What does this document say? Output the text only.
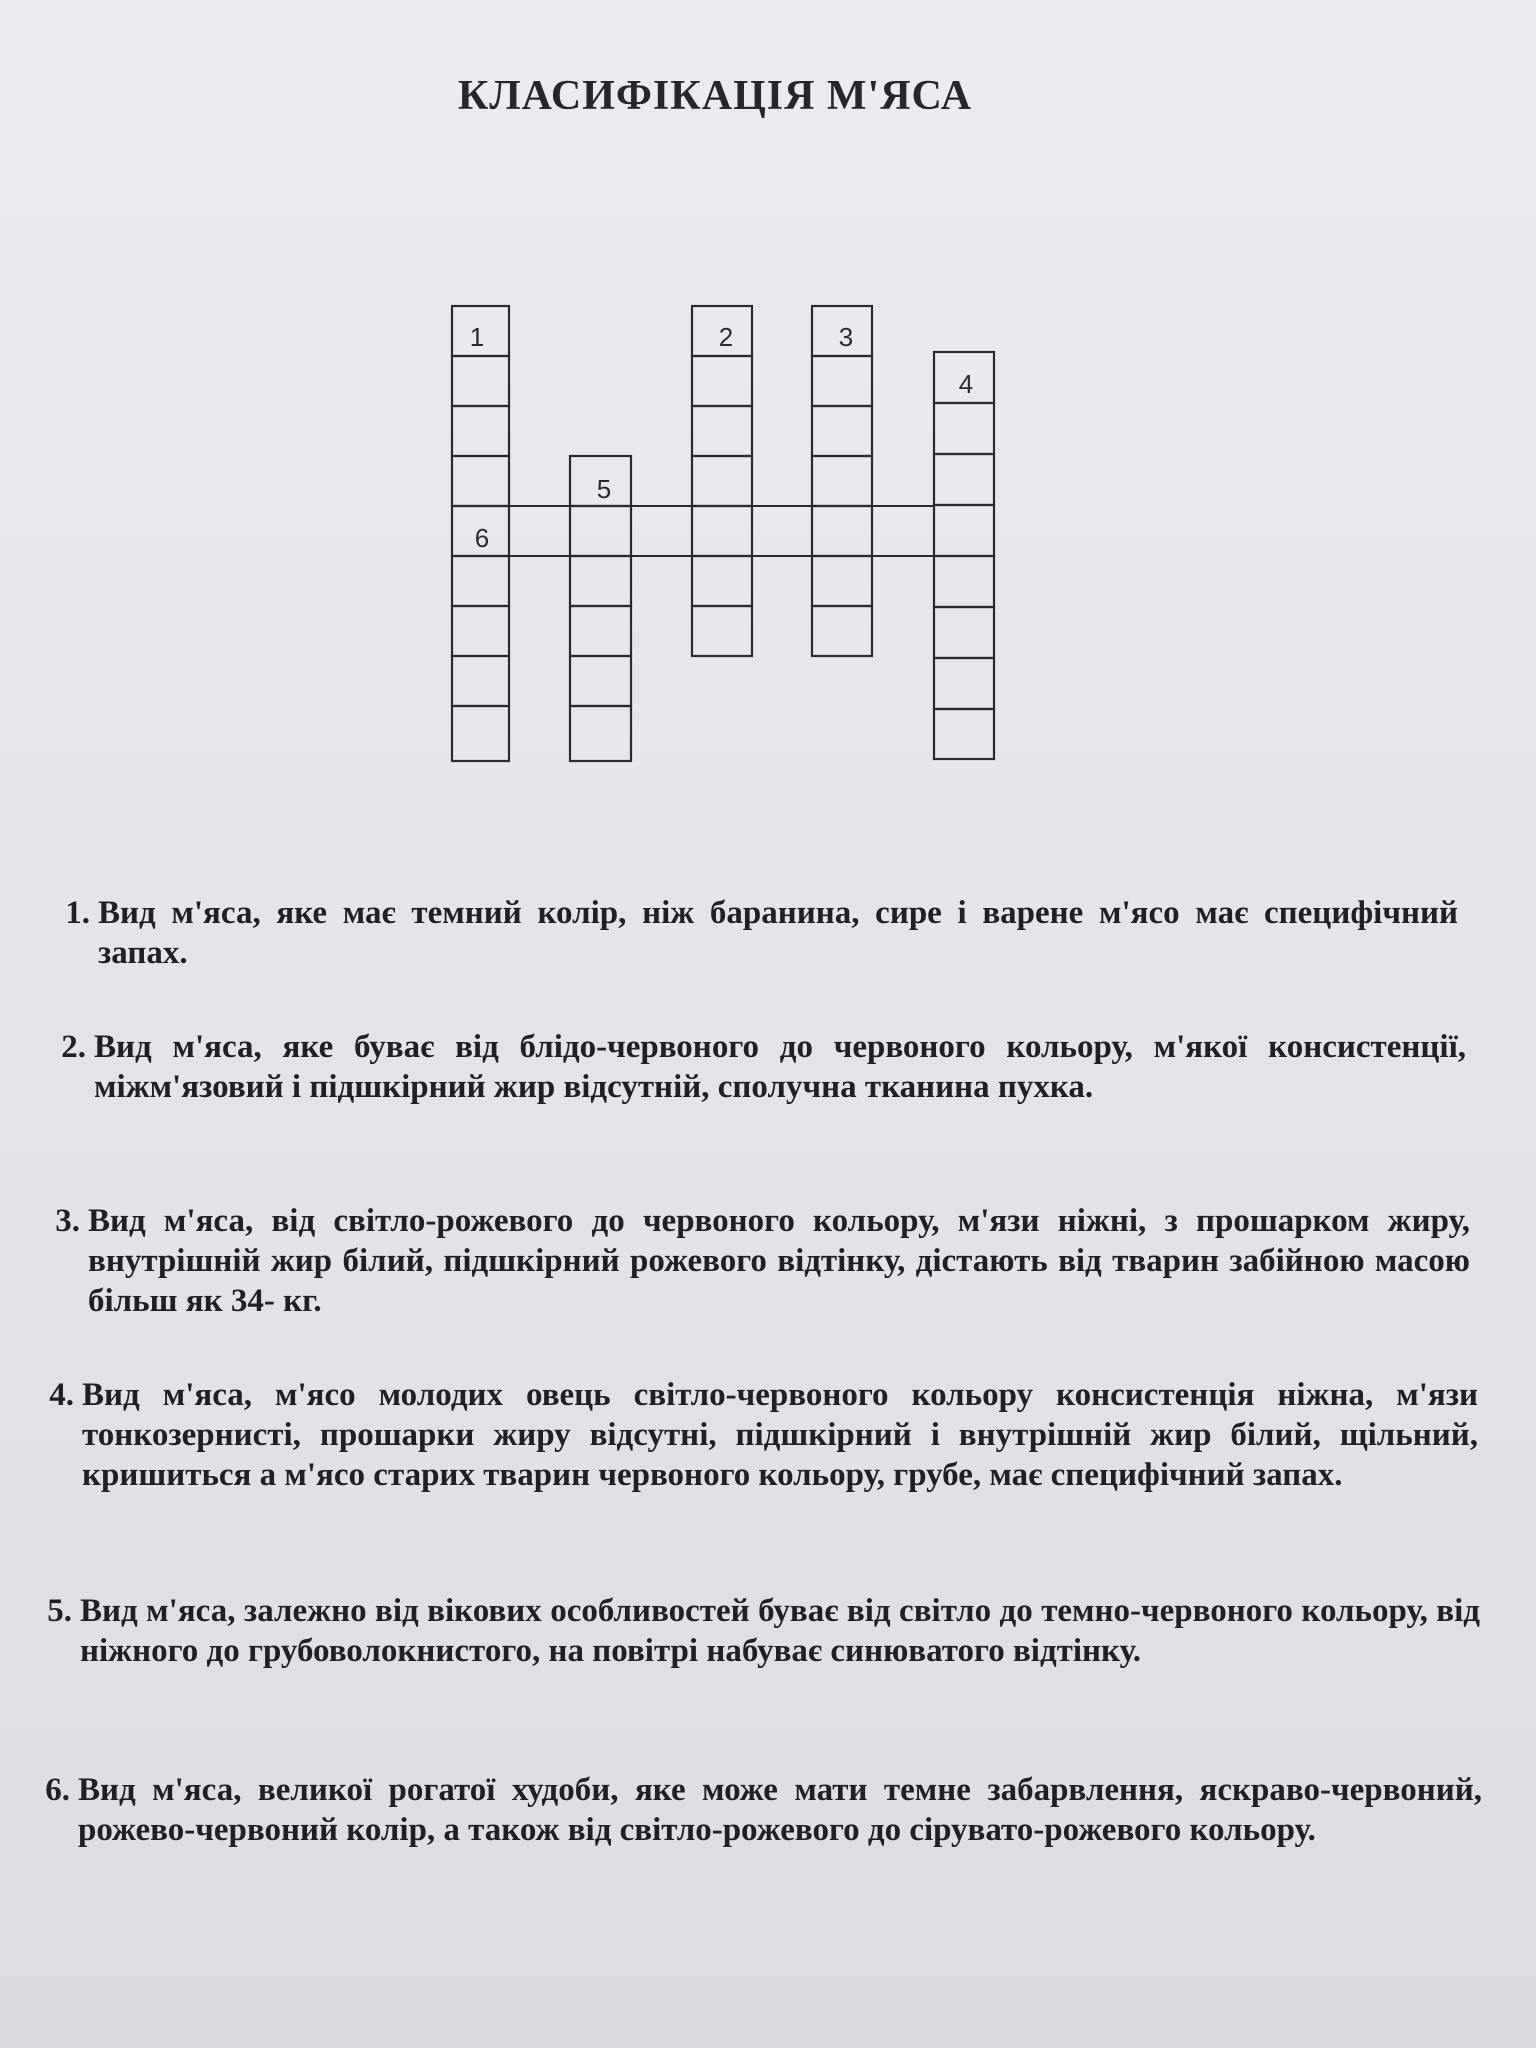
КЛАСИФІКАЦІЯ М'ЯСА
1
6
5
2	3
4
1. Вид м'яса, яке має темний колір, ніж баранина, сире і варене м'ясо має специфічний запах.
2. Вид м'яса, яке буває від блідо-червоного до червоного кольору, м'якої консистенції, міжм'язовий і підшкірний жир відсутній, сполучна тканина пухка.
3. Вид м'яса, від світло-рожевого до червоного кольору, м'язи ніжні, з прошарком жиру, внутрішній жир білий, підшкірний рожевого відтінку, дістають від тварин забійною масою більш як 34- кг.
4. Вид м'яса, м'ясо молодих овець світло-червоного кольору консистенція ніжна, м'язи тонкозернисті, прошарки жиру відсутні, підшкірний і внутрішній жир білий, щільний, кришиться а м'ясо старих тварин червоного кольору, грубе, має специфічний запах.
5. Вид м'яса, залежно від вікових особливостей буває від світло до темно-червоного кольору, від ніжного до грубоволокнистого, на повітрі набуває синюватого відтінку.
6. Вид м'яса, великої рогатої худоби, яке може мати темне забарвлення, яскраво-червоний, рожево-червоний колір, а також від світло-рожевого до сірувато-рожевого кольору.
